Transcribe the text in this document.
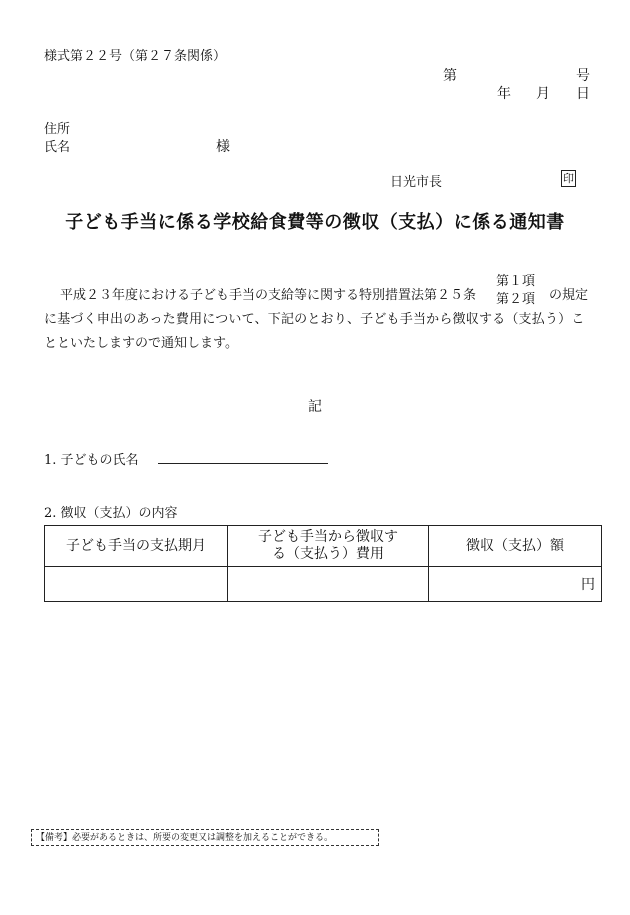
様式第２２号（第２７条関係）
第	号
年 月 日
住所
氏名	様
日光市長	印
子ども手当に係る学校給食費等の徴収（支払）に係る通知書
平成２３年度における子ども手当の支給等に関する特別措置法第２５条
第１項
第２項 の規定
に基づく申出のあった費用について、下記のとおり、子ども手当から徴収する（支払う）こ
とといたしますので通知します。
記
1. 子どもの氏名
2. 徴収（支払）の内容
子ども手当の支払期月	子ども手当から徴収する（支払う）費用	徴収（支払）額
		円
【備考】必要があるときは、所要の変更又は調整を加えることができる。
